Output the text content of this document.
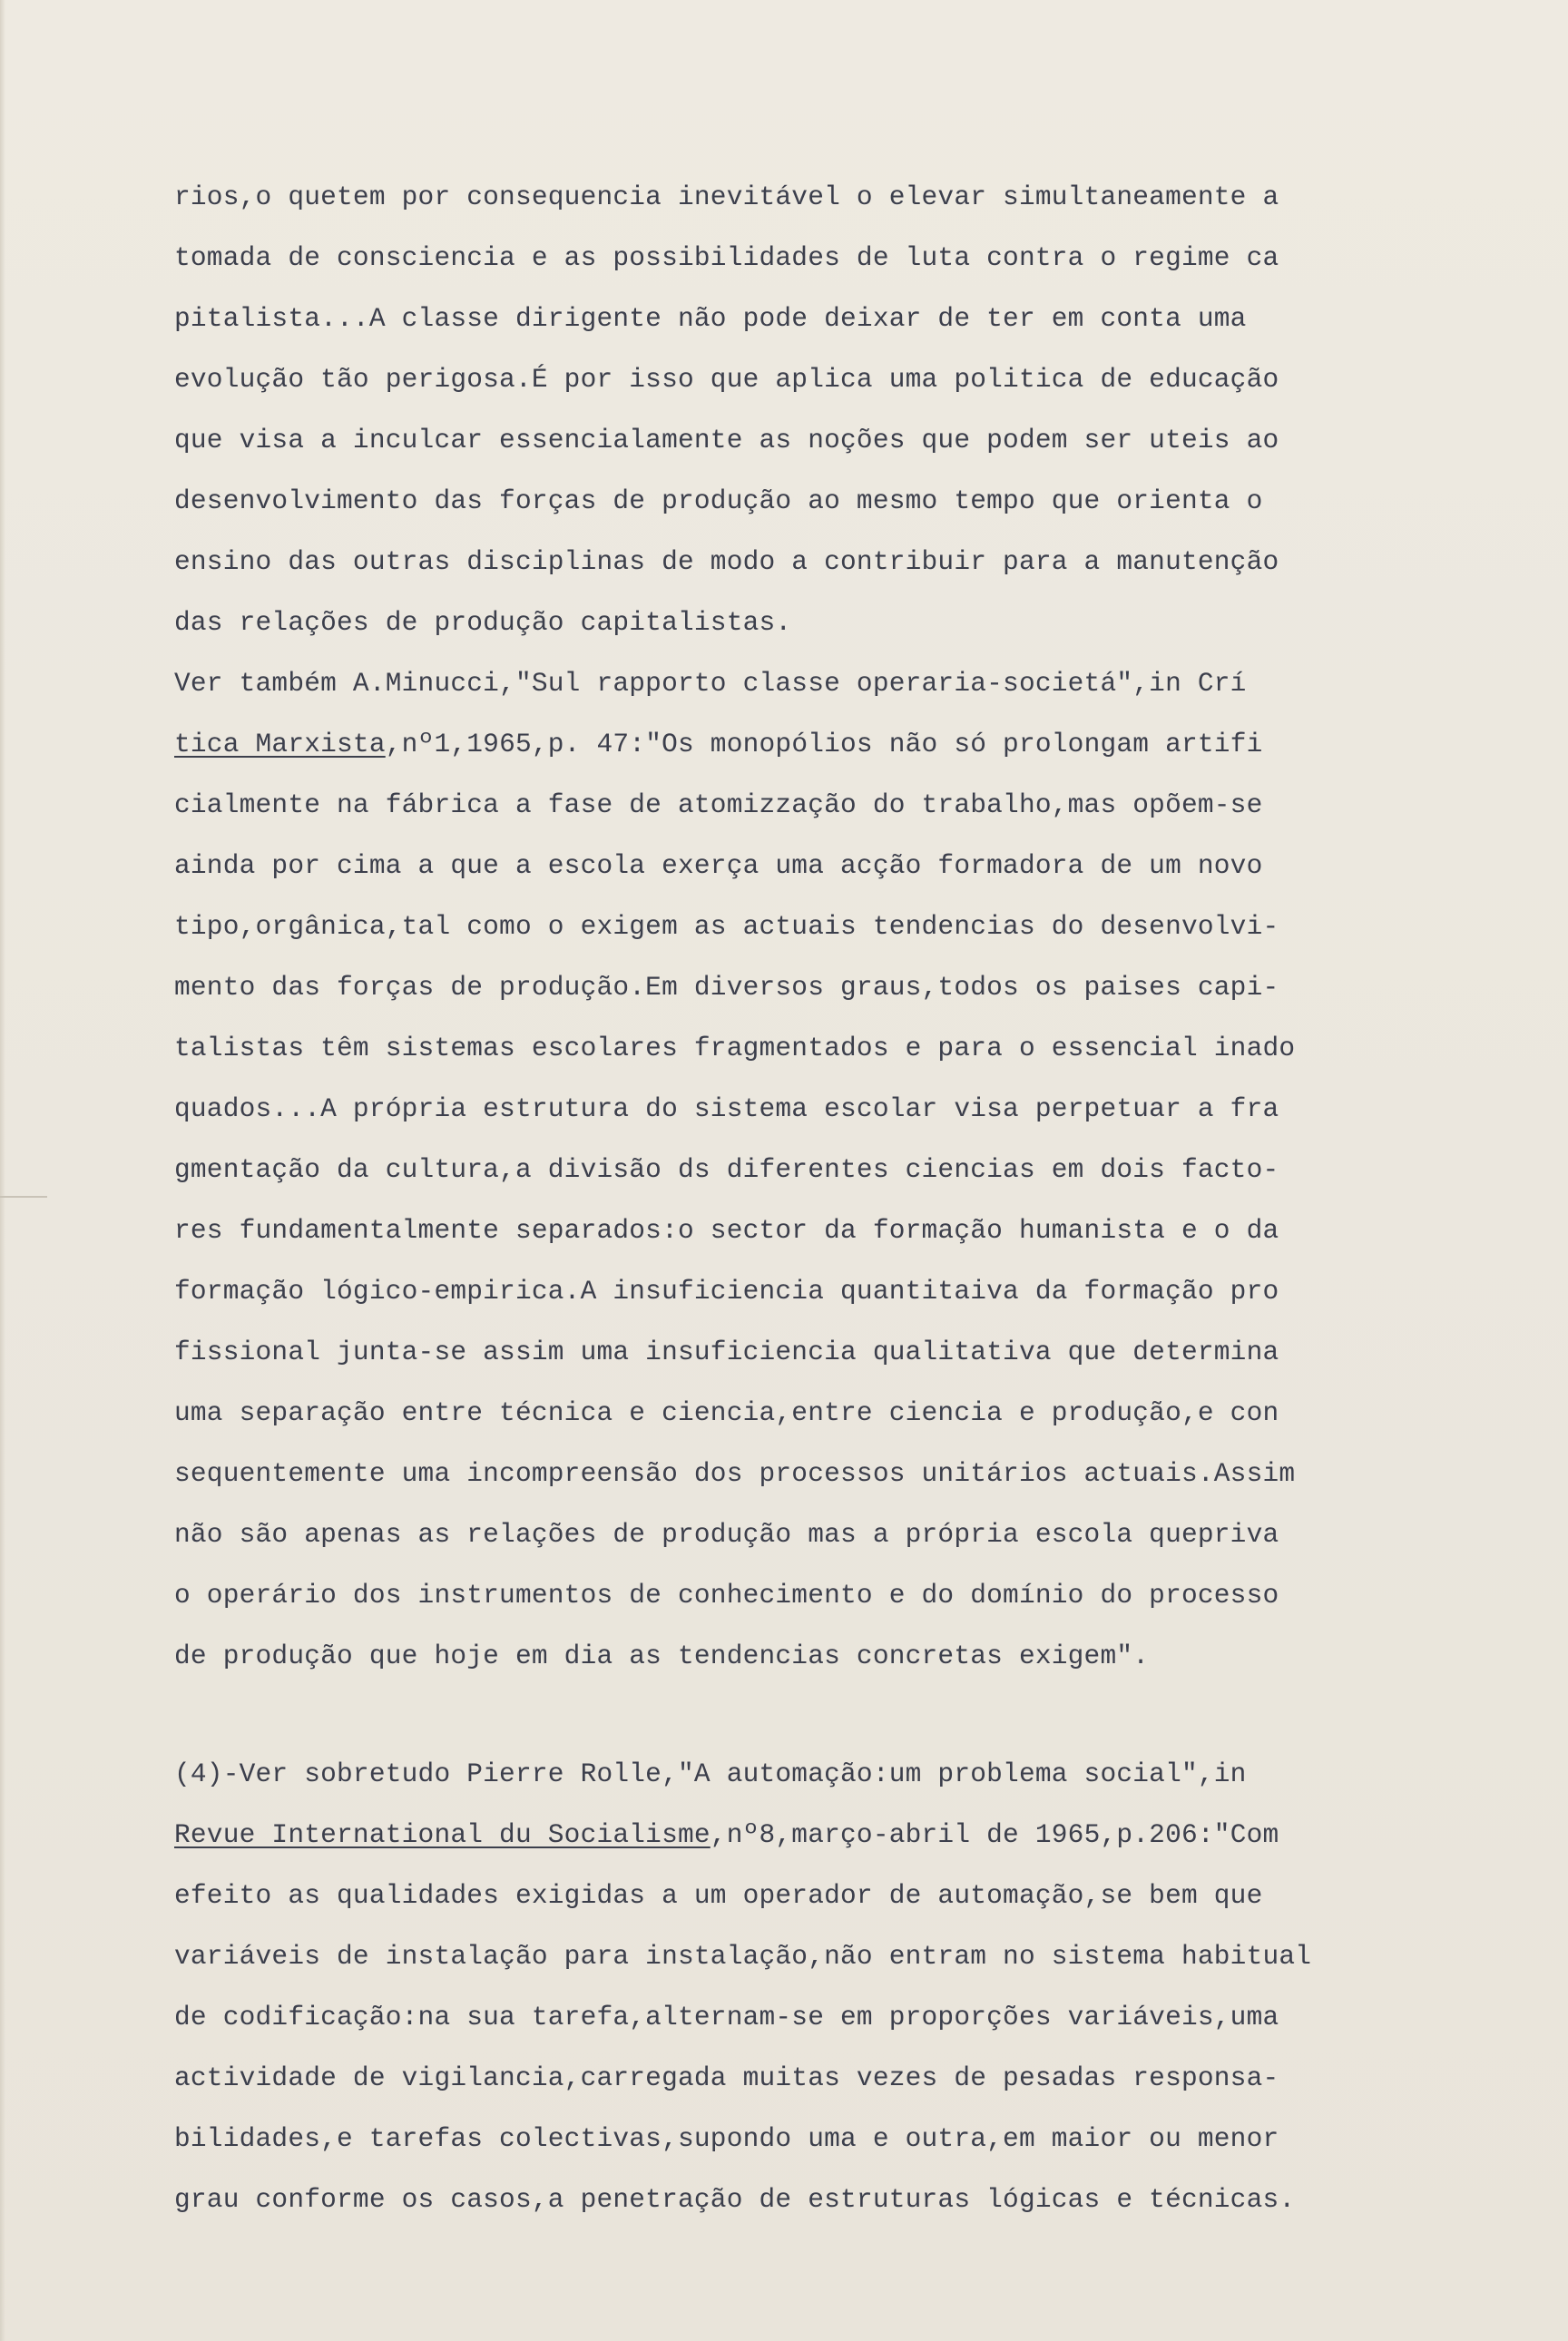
rios,o quetem por consequencia inevitável o elevar simultaneamente a
tomada de consciencia e as possibilidades de luta contra o regime ca
pitalista...A classe dirigente não pode deixar de ter em conta uma
evolução tão perigosa.É por isso que aplica uma politica de educação
que visa a inculcar essencialamente as noções que podem ser uteis ao
desenvolvimento das forças de produção ao mesmo tempo que orienta o
ensino das outras disciplinas de modo a contribuir para a manutenção
das relações de produção capitalistas.
Ver também A.Minucci,"Sul rapporto classe operaria-societá",in Crí
tica Marxista,nº1,1965,p. 47:"Os monopólios não só prolongam artifi
cialmente na fábrica a fase de atomizzação do trabalho,mas opõem-se
ainda por cima a que a escola exerça uma acção formadora de um novo
tipo,orgânica,tal como o exigem as actuais tendencias do desenvolvi-
mento das forças de produção.Em diversos graus,todos os paises capi-
talistas têm sistemas escolares fragmentados e para o essencial inado
quados...A própria estrutura do sistema escolar visa perpetuar a fra
gmentação da cultura,a divisão ds diferentes ciencias em dois facto-
res fundamentalmente separados:o sector da formação humanista e o da
formação lógico-empirica.A insuficiencia quantitaiva da formação pro
fissional junta-se assim uma insuficiencia qualitativa que determina
uma separação entre técnica e ciencia,entre ciencia e produção,e con
sequentemente uma incompreensão dos processos unitários actuais.Assim
não são apenas as relações de produção mas a própria escola queprivа
o operário dos instrumentos de conhecimento e do domínio do processo
de produção que hoje em dia as tendencias concretas exigem".
(4)-Ver sobretudo Pierre Rolle,"A automação:um problema social",in
Revue International du Socialisme,nº8,março-abril de 1965,p.206:"Com
efeito as qualidades exigidas a um operador de automação,se bem que
variáveis de instalação para instalação,não entram no sistema habitual
de codificação:na sua tarefa,alternam-se em proporções variáveis,uma
actividade de vigilancia,carregada muitas vezes de pesadas responsa-
bilidades,e tarefas colectivas,supondo uma e outra,em maior ou menor
grau conforme os casos,a penetração de estruturas lógicas e técnicas.
